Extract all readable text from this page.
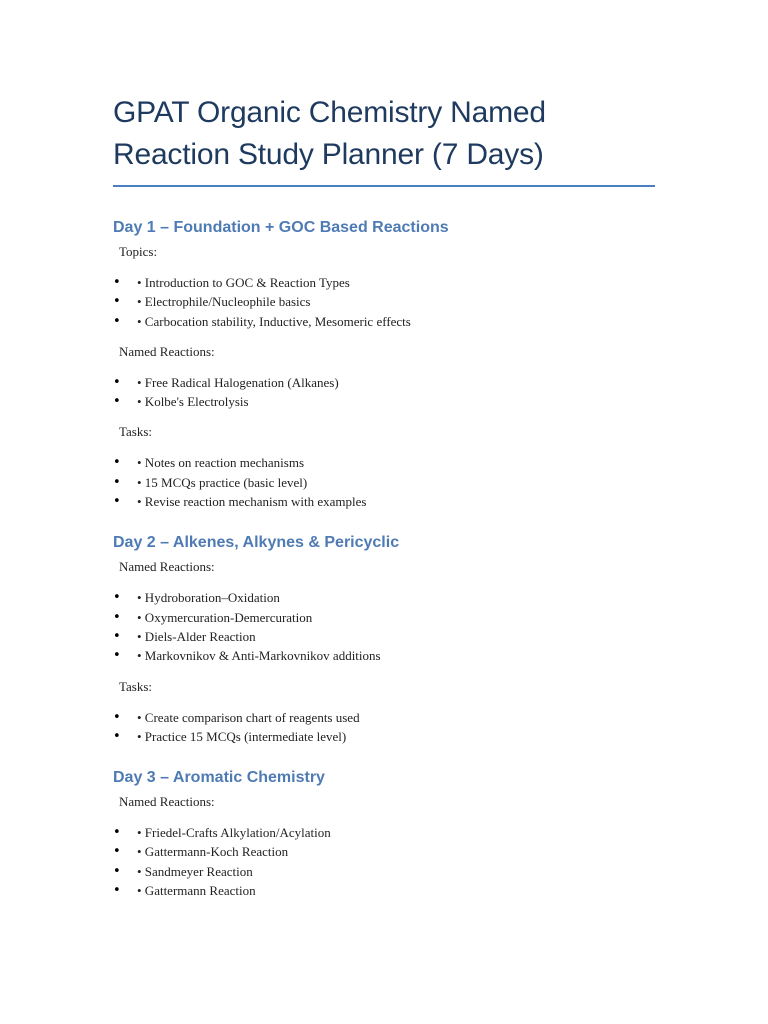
GPAT Organic Chemistry Named Reaction Study Planner (7 Days)
Day 1 – Foundation + GOC Based Reactions

Topics:

• • Introduction to GOC & Reaction Types
• • Electrophile/Nucleophile basics
• • Carbocation stability, Inductive, Mesomeric effects

Named Reactions:

• • Free Radical Halogenation (Alkanes)
• • Kolbe's Electrolysis

Tasks:

• • Notes on reaction mechanisms
• • 15 MCQs practice (basic level)
• • Revise reaction mechanism with examples
Day 2 – Alkenes, Alkynes & Pericyclic

Named Reactions:

• • Hydroboration–Oxidation
• • Oxymercuration-Demercuration
• • Diels-Alder Reaction
• • Markovnikov & Anti-Markovnikov additions

Tasks:

• • Create comparison chart of reagents used
• • Practice 15 MCQs (intermediate level)
Day 3 – Aromatic Chemistry

Named Reactions:

• • Friedel-Crafts Alkylation/Acylation
• • Gattermann-Koch Reaction
• • Sandmeyer Reaction
• • Gattermann Reaction
